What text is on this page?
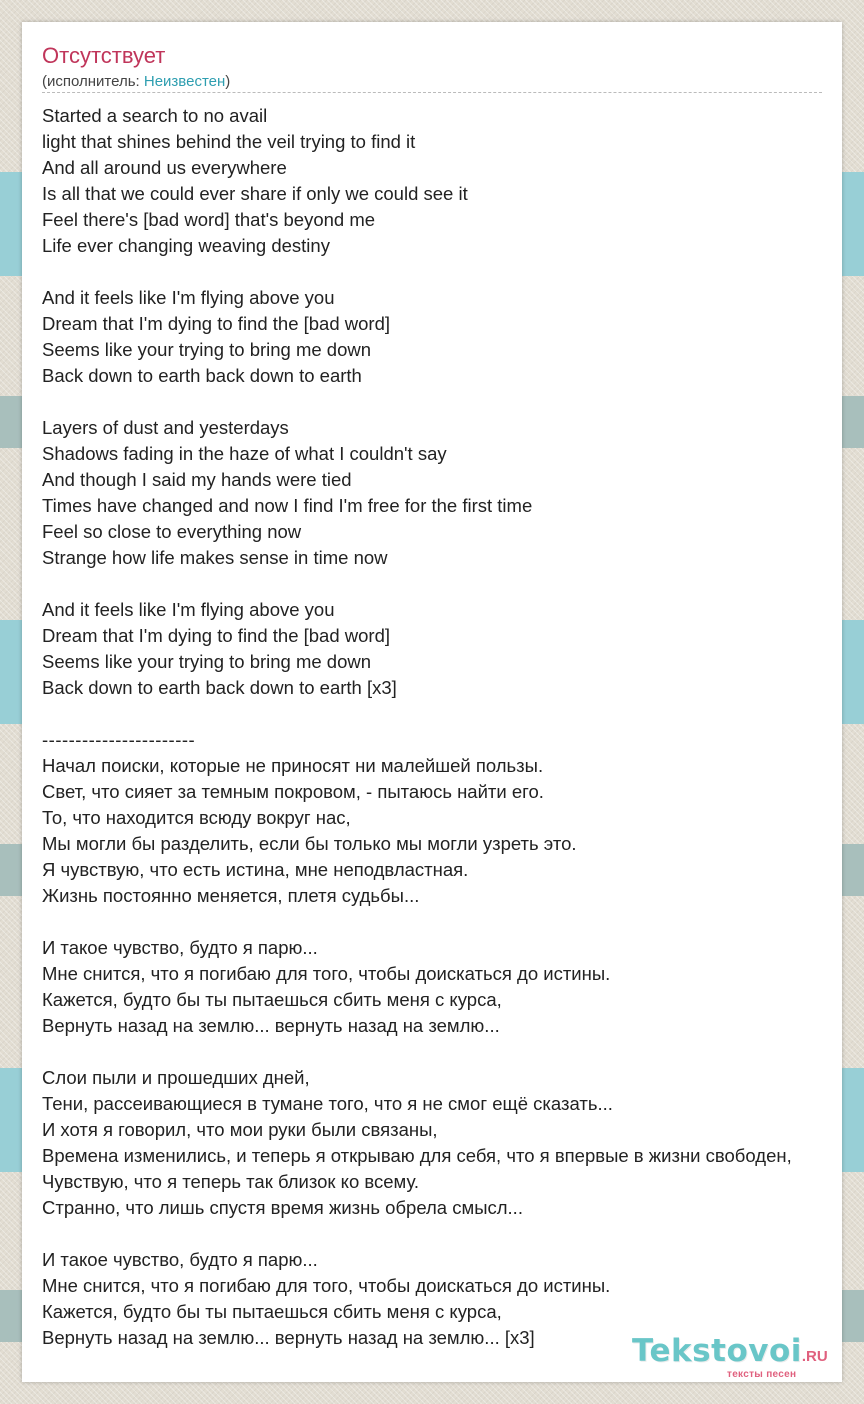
Отсутствует
(исполнитель: Неизвестен)
Started a search to no avail
light that shines behind the veil trying to find it
And all around us everywhere
Is all that we could ever share if only we could see it
Feel there's [bad word] that's beyond me
Life ever changing weaving destiny
And it feels like I'm flying above you
Dream that I'm dying to find the [bad word]
Seems like your trying to bring me down
Back down to earth back down to earth
Layers of dust and yesterdays
Shadows fading in the haze of what I couldn't say
And though I said my hands were tied
Times have changed and now I find I'm free for the first time
Feel so close to everything now
Strange how life makes sense in time now
And it feels like I'm flying above you
Dream that I'm dying to find the [bad word]
Seems like your trying to bring me down
Back down to earth back down to earth [x3]
-----------------------
Начал поиски, которые не приносят ни малейшей пользы.
Свет, что сияет за темным покровом, - пытаюсь найти его.
То, что находится всюду вокруг нас,
Мы могли бы разделить, если бы только мы могли узреть это.
Я чувствую, что есть истина, мне неподвластная.
Жизнь постоянно меняется, плетя судьбы...
И такое чувство, будто я парю...
Мне снится, что я погибаю для того, чтобы доискаться до истины.
Кажется, будто бы ты пытаешься сбить меня с курса,
Вернуть назад на землю... вернуть назад на землю...
Слои пыли и прошедших дней,
Тени, рассеивающиеся в тумане того, что я не смог ещё сказать...
И хотя я говорил, что мои руки были связаны,
Времена изменились, и теперь я открываю для себя, что я впервые в жизни свободен,
Чувствую, что я теперь так близок ко всему.
Странно, что лишь спустя время жизнь обрела смысл...
И такое чувство, будто я парю...
Мне снится, что я погибаю для того, чтобы доискаться до истины.
Кажется, будто бы ты пытаешься сбить меня с курса,
Вернуть назад на землю... вернуть назад на землю... [x3]	Tekstovoi.RU
тексты песен
